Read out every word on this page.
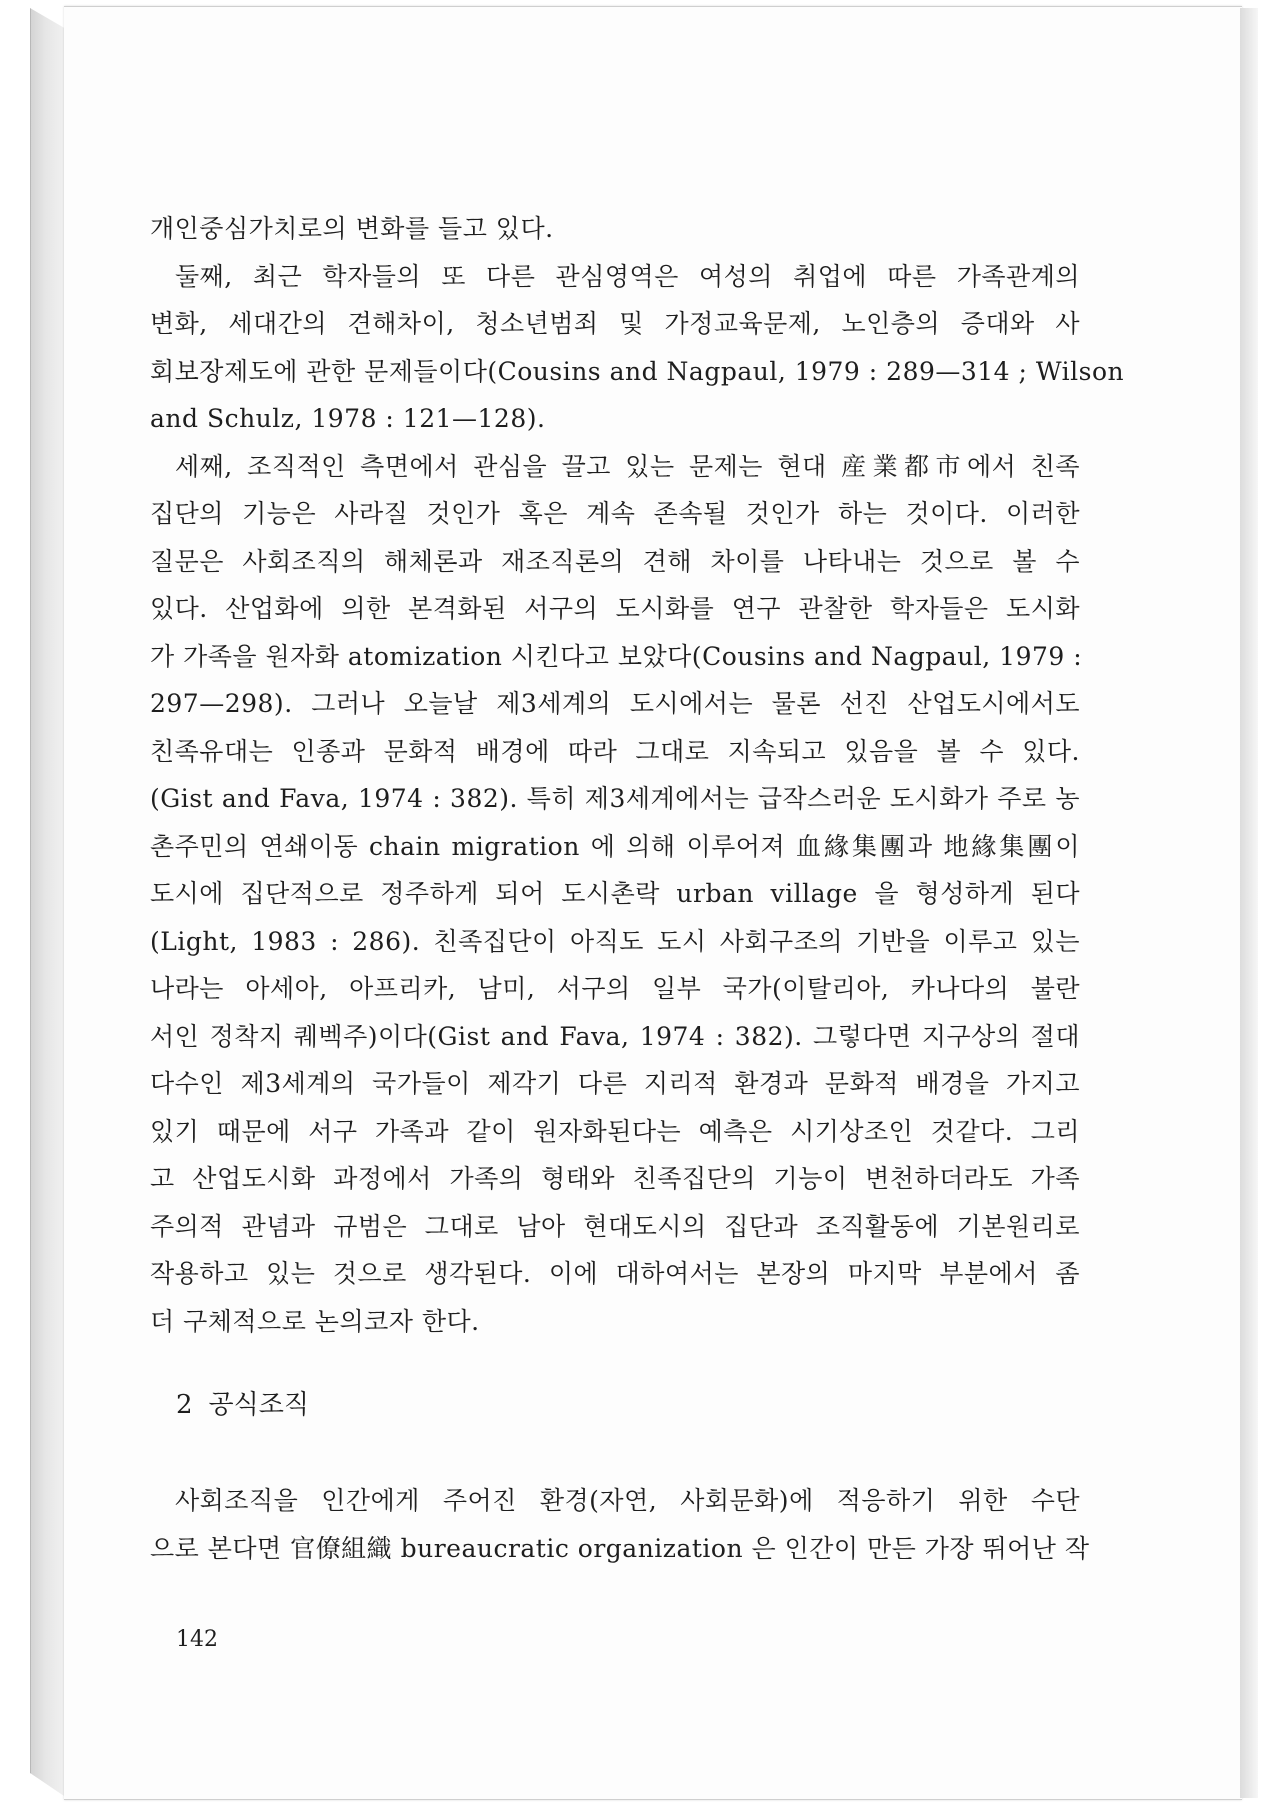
개인중심가치로의 변화를 들고 있다.
둘째, 최근 학자들의 또 다른 관심영역은 여성의 취업에 따른 가족관계의
변화, 세대간의 견해차이, 청소년범죄 및 가정교육문제, 노인층의 증대와 사
회보장제도에 관한 문제들이다(Cousins and Nagpaul, 1979 : 289—314 ; Wilson
and Schulz, 1978 : 121—128).
세째, 조직적인 측면에서 관심을 끌고 있는 문제는 현대 産業都市에서 친족
집단의 기능은 사라질 것인가 혹은 계속 존속될 것인가 하는 것이다. 이러한
질문은 사회조직의 해체론과 재조직론의 견해 차이를 나타내는 것으로 볼 수
있다. 산업화에 의한 본격화된 서구의 도시화를 연구 관찰한 학자들은 도시화
가 가족을 원자화 atomization 시킨다고 보았다(Cousins and Nagpaul, 1979 :
297—298). 그러나 오늘날 제3세계의 도시에서는 물론 선진 산업도시에서도
친족유대는 인종과 문화적 배경에 따라 그대로 지속되고 있음을 볼 수 있다.
(Gist and Fava, 1974 : 382). 특히 제3세계에서는 급작스러운 도시화가 주로 농
촌주민의 연쇄이동 chain migration 에 의해 이루어져 血緣集團과 地緣集團이
도시에 집단적으로 정주하게 되어 도시촌락 urban village 을 형성하게 된다
(Light, 1983 : 286). 친족집단이 아직도 도시 사회구조의 기반을 이루고 있는
나라는 아세아, 아프리카, 남미, 서구의 일부 국가(이탈리아, 카나다의 불란
서인 정착지 퀘벡주)이다(Gist and Fava, 1974 : 382). 그렇다면 지구상의 절대
다수인 제3세계의 국가들이 제각기 다른 지리적 환경과 문화적 배경을 가지고
있기 때문에 서구 가족과 같이 원자화된다는 예측은 시기상조인 것같다. 그리
고 산업도시화 과정에서 가족의 형태와 친족집단의 기능이 변천하더라도 가족
주의적 관념과 규범은 그대로 남아 현대도시의 집단과 조직활동에 기본원리로
작용하고 있는 것으로 생각된다. 이에 대하여서는 본장의 마지막 부분에서 좀
더 구체적으로 논의코자 한다.
2 공식조직
사회조직을 인간에게 주어진 환경(자연, 사회문화)에 적응하기 위한 수단
으로 본다면 官僚組織 bureaucratic organization 은 인간이 만든 가장 뛰어난 작
142
